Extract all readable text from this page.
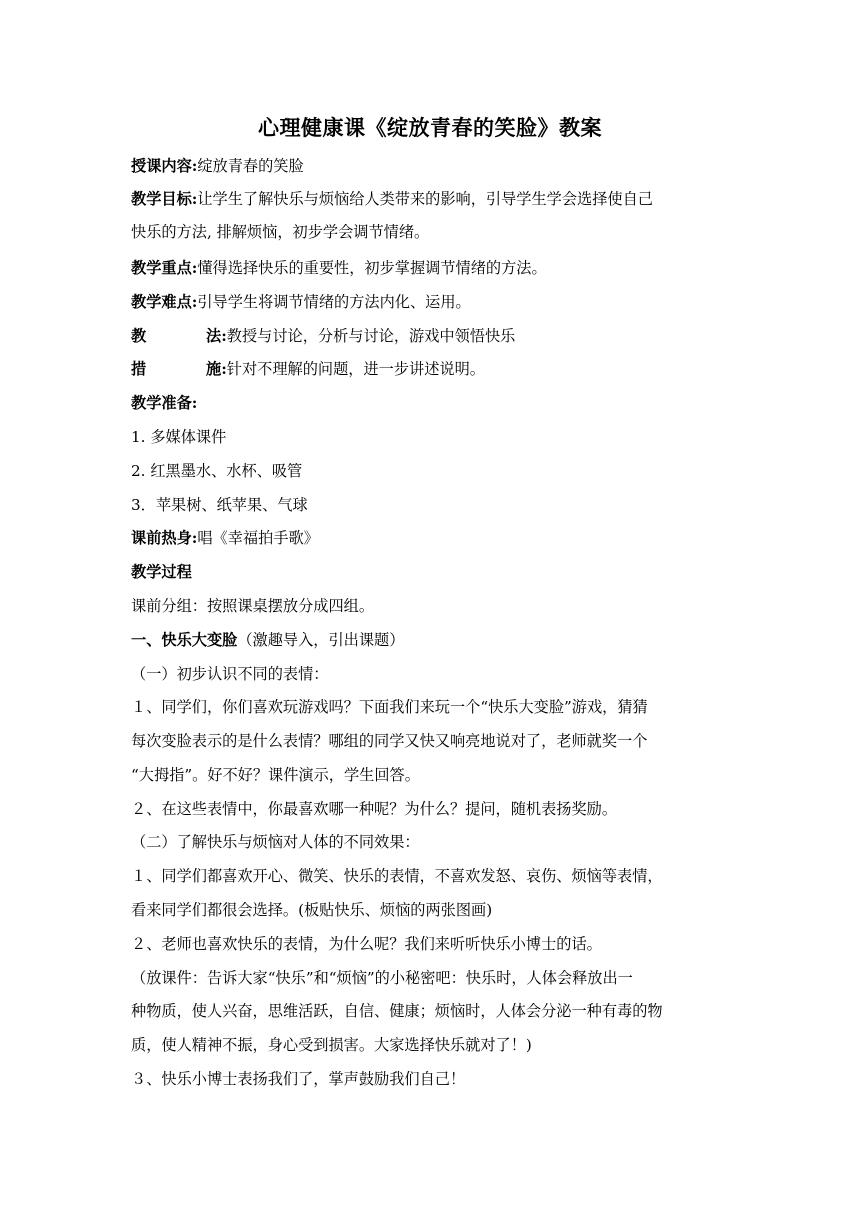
心理健康课《绽放青春的笑脸》教案
授课内容:绽放青春的笑脸
教学目标:让学生了解快乐与烦恼给人类带来的影响，引导学生学会选择使自己
快乐的方法, 排解烦恼，初步学会调节情绪。
教学重点:懂得选择快乐的重要性，初步掌握调节情绪的方法。
教学难点:引导学生将调节情绪的方法内化、运用。
教	法:教授与讨论，分析与讨论，游戏中领悟快乐
措	施:针对不理解的问题，进一步讲述说明。
教学准备:
1. 多媒体课件
2. 红黑墨水、水杯、吸管
3．苹果树、纸苹果、气球
课前热身:唱《幸福拍手歌》
教学过程
课前分组：按照课桌摆放分成四组。
一、快乐大变脸（激趣导入，引出课题）
（一）初步认识不同的表情：
１、同学们，你们喜欢玩游戏吗？下面我们来玩一个“快乐大变脸”游戏，猜猜
每次变脸表示的是什么表情？哪组的同学又快又响亮地说对了，老师就奖一个
“大拇指”。好不好？课件演示，学生回答。
２、在这些表情中，你最喜欢哪一种呢？为什么？提问，随机表扬奖励。
（二）了解快乐与烦恼对人体的不同效果：
１、同学们都喜欢开心、微笑、快乐的表情，不喜欢发怒、哀伤、烦恼等表情，
看来同学们都很会选择。(板贴快乐、烦恼的两张图画)
２、老师也喜欢快乐的表情，为什么呢？我们来听听快乐小博士的话。
（放课件：告诉大家“快乐”和“烦恼”的小秘密吧：快乐时，人体会释放出一
种物质，使人兴奋，思维活跃，自信、健康；烦恼时，人体会分泌一种有毒的物
质，使人精神不振，身心受到损害。大家选择快乐就对了！)
３、快乐小博士表扬我们了，掌声鼓励我们自己！
